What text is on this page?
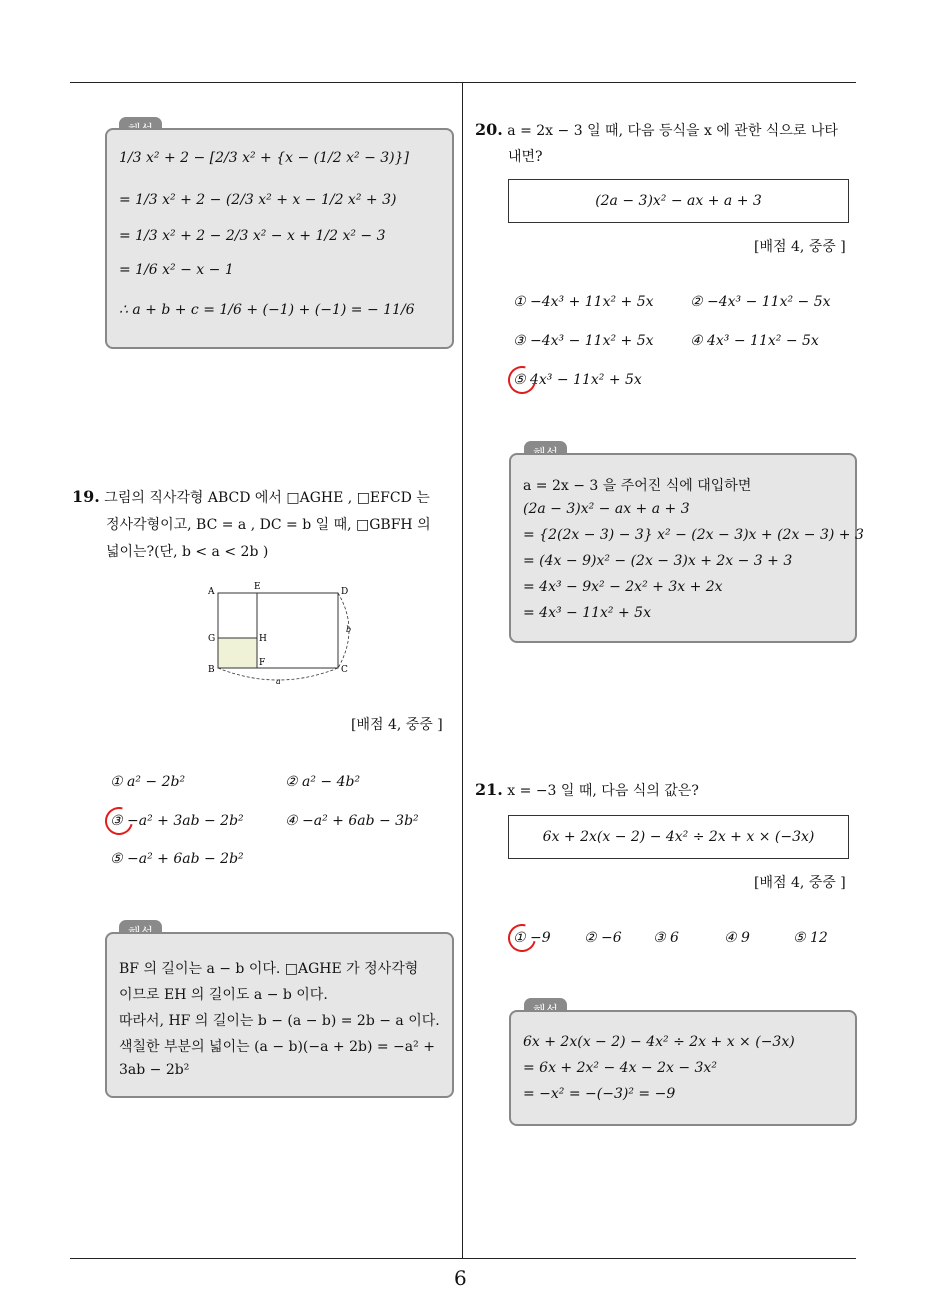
1/3 x² + 2 − [2/3 x² + {x − (1/2 x² − 3)}]
= 1/3 x² + 2 − (2/3 x² + x − 1/2 x² + 3)
= 1/3 x² + 2 − 2/3 x² − x + 1/2 x² − 3
= 1/6 x² − x − 1
∴ a + b + c = 1/6 + (−1) + (−1) = − 11/6
19. 그림의 직사각형 ABCD 에서 □AGHE , □EFCD 는
정사각형이고, BC = a , DC = b 일 때, □GBFH 의
넓이는?(단, b < a < 2b )
A	E	D
G	H
B
F
C
a
b
[배점 4, 중중 ]
① a² − 2b²	② a² − 4b²
③ −a² + 3ab − 2b²	④ −a² + 6ab − 3b²
⑤ −a² + 6ab − 2b²
BF 의 길이는 a − b 이다. □AGHE 가 정사각형
이므로 EH 의 길이도 a − b 이다.
따라서, HF 의 길이는 b − (a − b) = 2b − a 이다.
색칠한 부분의 넓이는 (a − b)(−a + 2b) = −a² +
3ab − 2b²
20. a = 2x − 3 일 때, 다음 등식을 x 에 관한 식으로 나타
내면?
(2a − 3)x² − ax + a + 3
[배점 4, 중중 ]
① −4x³ + 11x² + 5x	② −4x³ − 11x² − 5x
③ −4x³ − 11x² + 5x	④ 4x³ − 11x² − 5x
⑤ 4x³ − 11x² + 5x
a = 2x − 3 을 주어진 식에 대입하면
(2a − 3)x² − ax + a + 3
= {2(2x − 3) − 3} x² − (2x − 3)x + (2x − 3) + 3
= (4x − 9)x² − (2x − 3)x + 2x − 3 + 3
= 4x³ − 9x² − 2x² + 3x + 2x
= 4x³ − 11x² + 5x
21. x = −3 일 때, 다음 식의 값은?
6x + 2x(x − 2) − 4x² ÷ 2x + x × (−3x)
[배점 4, 중중 ]
① −9 ② −6 ③ 6	④ 9	⑤ 12
6x + 2x(x − 2) − 4x² ÷ 2x + x × (−3x)
= 6x + 2x² − 4x − 2x − 3x²
= −x² = −(−3)² = −9
6
